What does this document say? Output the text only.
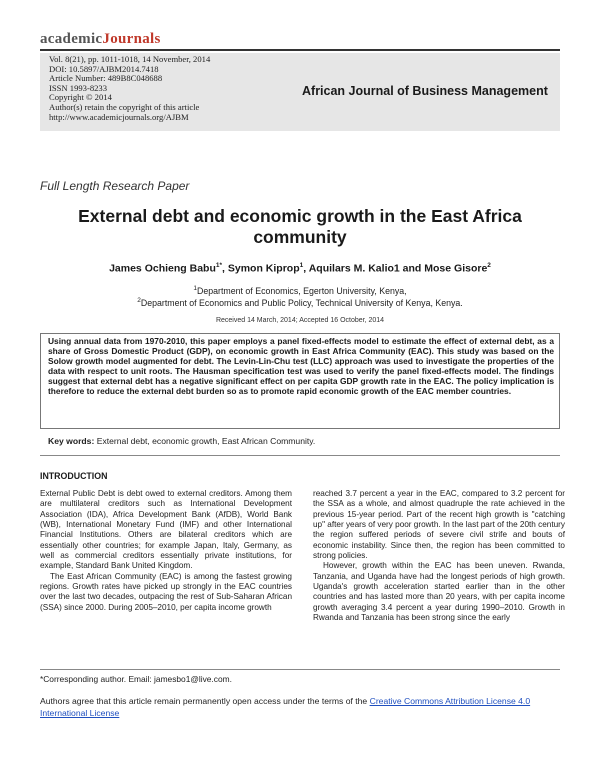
academicJournals
Vol. 8(21), pp. 1011-1018, 14 November, 2014
DOI: 10.5897/AJBM2014.7418
Article Number: 489B8C048688
ISSN 1993-8233
Copyright © 2014
Author(s) retain the copyright of this article
http://www.academicjournals.org/AJBM
African Journal of Business Management
Full Length Research Paper
External debt and economic growth in the East Africa community
James Ochieng Babu$^{1*}$, Symon Kiprop$^1$, Aquilars M. Kalio1 and Mose Gisore$^2$
$^1$Department of Economics, Egerton University, Kenya,
$^2$Department of Economics and Public Policy, Technical University of Kenya, Kenya.
Received 14 March, 2014; Accepted 16 October, 2014
Using annual data from 1970-2010, this paper employs a panel fixed-effects model to estimate the effect of external debt, as a share of Gross Domestic Product (GDP), on economic growth in East Africa Community (EAC). This study was based on the Solow growth model augmented for debt. The Levin-Lin-Chu test (LLC) approach was used to investigate the properties of the data with respect to unit roots. The Hausman specification test was used to verify the panel fixed-effects model. The findings suggest that external debt has a negative significant effect on per capita GDP growth rate in the EAC. The policy implication is therefore to reduce the external debt burden so as to promote rapid economic growth of the EAC member countries.
Key words: External debt, economic growth, East African Community.
INTRODUCTION

External Public Debt is debt owed to external creditors. Among them are multilateral creditors such as International Development Association (IDA), Africa Development Bank (AfDB), World Bank (WB), International Monetary Fund (IMF) and other International Financial Institutions. Others are bilateral creditors which are essentially other countries; for example Japan, Italy, Germany, as well as commercial creditors essentially private institutions, for example, Standard Bank United Kingdom.

The East African Community (EAC) is among the fastest growing regions. Growth rates have picked up strongly in the EAC countries over the last two decades, outpacing the rest of Sub-Saharan African (SSA) since 2000. During 2005–2010, per capita income growth

reached 3.7 percent a year in the EAC, compared to 3.2 percent for the SSA as a whole, and almost quadruple the rate achieved in the previous 15-year period. Part of the recent high growth is "catching up" after years of very poor growth. In the last part of the 20th century the region suffered periods of severe civil strife and bouts of economic instability. Since then, the region has been committed to strong policies.

However, growth within the EAC has been uneven. Rwanda, Tanzania, and Uganda have had the longest periods of high growth. Uganda's growth acceleration started earlier than in the other countries and has lasted more than 20 years, with per capita income growth averaging 3.4 percent a year during 1990–2010. Growth in Rwanda and Tanzania has been strong since the early

*Corresponding author. Email: jamesbo1@live.com.
Authors agree that this article remain permanently open access under the terms of the Creative Commons Attribution License 4.0 International License
